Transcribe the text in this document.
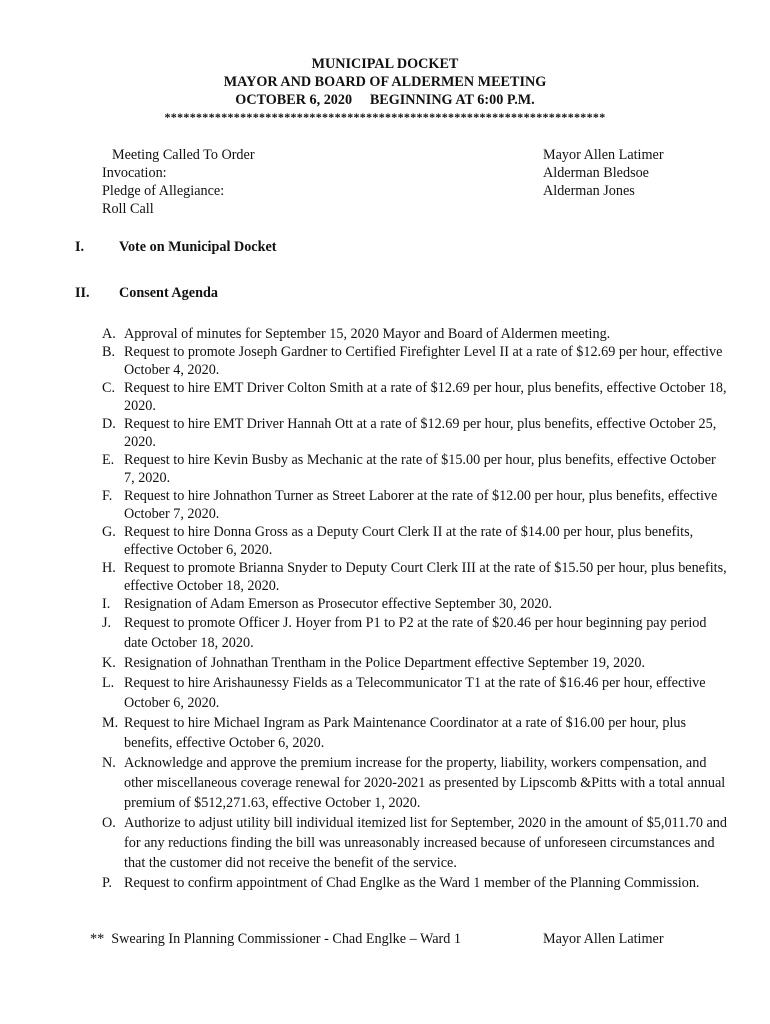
MUNICIPAL DOCKET
MAYOR AND BOARD OF ALDERMEN MEETING
OCTOBER 6, 2020     BEGINNING AT 6:00 P.M.
**********************************************************************
Meeting Called To Order
Invocation:
Pledge of Allegiance:
Roll Call
Mayor Allen Latimer
Alderman Bledsoe
Alderman Jones
I. Vote on Municipal Docket
II. Consent Agenda
A. Approval of minutes for September 15, 2020 Mayor and Board of Aldermen meeting.
B. Request to promote Joseph Gardner to Certified Firefighter Level II at a rate of $12.69 per hour, effective October 4, 2020.
C. Request to hire EMT Driver Colton Smith at a rate of $12.69 per hour, plus benefits, effective October 18, 2020.
D. Request to hire EMT Driver Hannah Ott at a rate of $12.69 per hour, plus benefits, effective October 25, 2020.
E. Request to hire Kevin Busby as Mechanic at the rate of $15.00 per hour, plus benefits, effective October 7, 2020.
F. Request to hire Johnathon Turner as Street Laborer at the rate of $12.00 per hour, plus benefits, effective October 7, 2020.
G. Request to hire Donna Gross as a Deputy Court Clerk II at the rate of $14.00 per hour, plus benefits, effective October 6, 2020.
H. Request to promote Brianna Snyder to Deputy Court Clerk III at the rate of $15.50 per hour, plus benefits, effective October 18, 2020.
I. Resignation of Adam Emerson as Prosecutor effective September 30, 2020.
J. Request to promote Officer J. Hoyer from P1 to P2 at the rate of $20.46 per hour beginning pay period date October 18, 2020.
K. Resignation of Johnathan Trentham in the Police Department effective September 19, 2020.
L. Request to hire Arishaunessy Fields as a Telecommunicator T1 at the rate of $16.46 per hour, effective October 6, 2020.
M. Request to hire Michael Ingram as Park Maintenance Coordinator at a rate of $16.00 per hour, plus benefits, effective October 6, 2020.
N. Acknowledge and approve the premium increase for the property, liability, workers compensation, and other miscellaneous coverage renewal for 2020-2021 as presented by Lipscomb &Pitts with a total annual premium of $512,271.63, effective October 1, 2020.
O. Authorize to adjust utility bill individual itemized list for September, 2020 in the amount of $5,011.70 and for any reductions finding the bill was unreasonably increased because of unforeseen circumstances and that the customer did not receive the benefit of the service.
P. Request to confirm appointment of Chad Englke as the Ward 1 member of the Planning Commission.
**  Swearing In Planning Commissioner - Chad Englke – Ward 1	Mayor Allen Latimer
